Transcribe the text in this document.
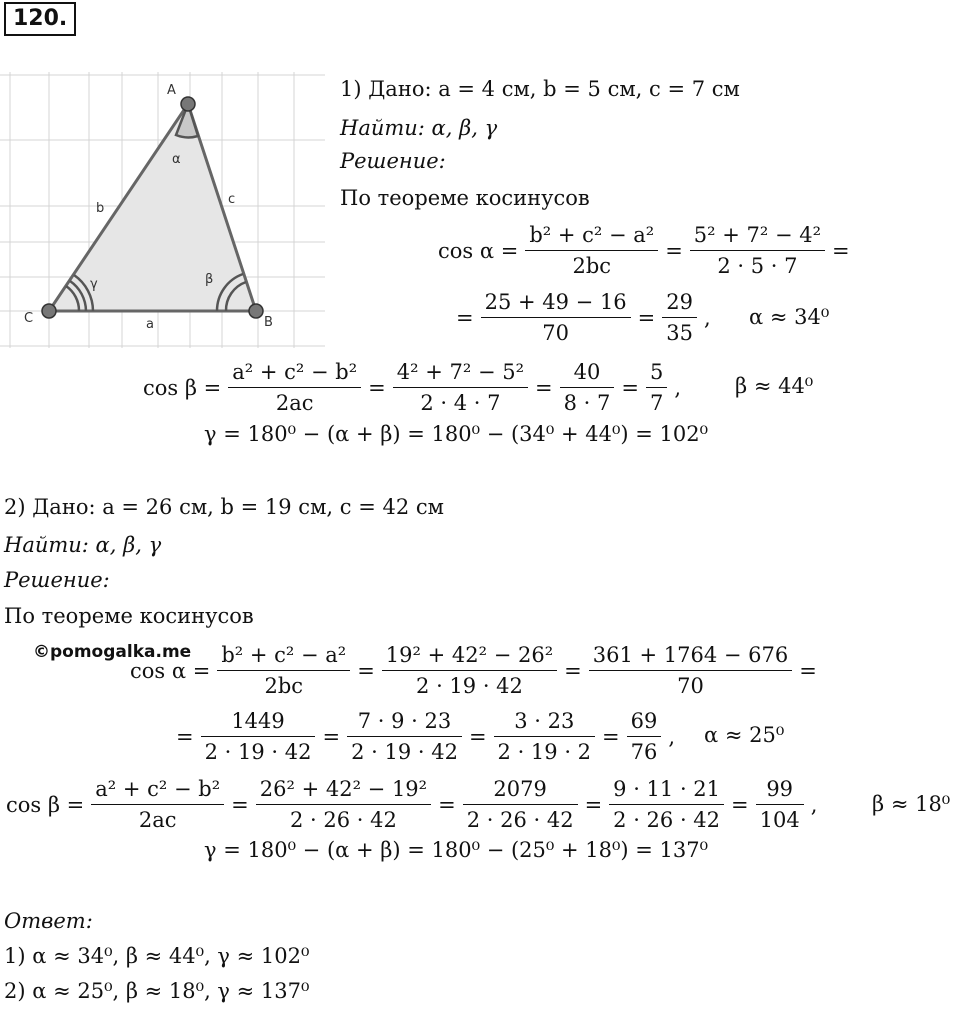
120.
A
B
C	a
b
c
α
β
γ
1) Дано: a = 4 см, b = 5 см, c = 7 см
Найти: α, β, γ
Решение:
По теореме косинусов
$\cos \alpha = \frac{\text{b² + c² − a²}}{2bc} = \frac{\text{5² + 7² − 4²}}{2 \cdot 5 \cdot 7}$ =
= $\frac{25 + 49 - 16}{70} = \frac{29}{35}$ , α ≈ 34⁰
$\cos \beta = \frac{\text{a² + c² − b²}}{2ac} = \frac{\text{4² + 7² − 5²}}{2 \cdot 4 \cdot 7} = \frac{40}{8 \cdot 7} = \frac{5}{7}$ ,	β ≈ 44⁰
γ = 180⁰ − (α + β) = 180⁰ − (34⁰ + 44⁰) = 102⁰
2) Дано: a = 26 см, b = 19 см, c = 42 см
Найти: α, β, γ
Решение:
По теореме косинусов
©pomogalka.me
$\cos \alpha = \frac{\text{b² + c² − a²}}{2bc} = \frac{\text{19² + 42² − 26²}}{2 \cdot 19 \cdot 42} = \frac{361 + 1764 - 676}{70}$ =
= $\frac{1449}{2 \cdot 19 \cdot 42} = \frac{7 \cdot 9 \cdot 23}{2 \cdot 19 \cdot 42} = \frac{3 \cdot 23}{2 \cdot 19 \cdot 2} = \frac{69}{76}$ , α ≈ 25⁰
$\cos \beta = \frac{\text{a² + c² − b²}}{2ac} = \frac{\text{26² + 42² − 19²}}{2 \cdot 26 \cdot 42} = \frac{2079}{2 \cdot 26 \cdot 42} = \frac{9 \cdot 11 \cdot 21}{2 \cdot 26 \cdot 42} = \frac{99}{104}$ ,	β ≈ 18⁰
γ = 180⁰ − (α + β) = 180⁰ − (25⁰ + 18⁰) = 137⁰
Ответ:
1) α ≈ 34⁰, β ≈ 44⁰, γ ≈ 102⁰
2) α ≈ 25⁰, β ≈ 18⁰, γ ≈ 137⁰
